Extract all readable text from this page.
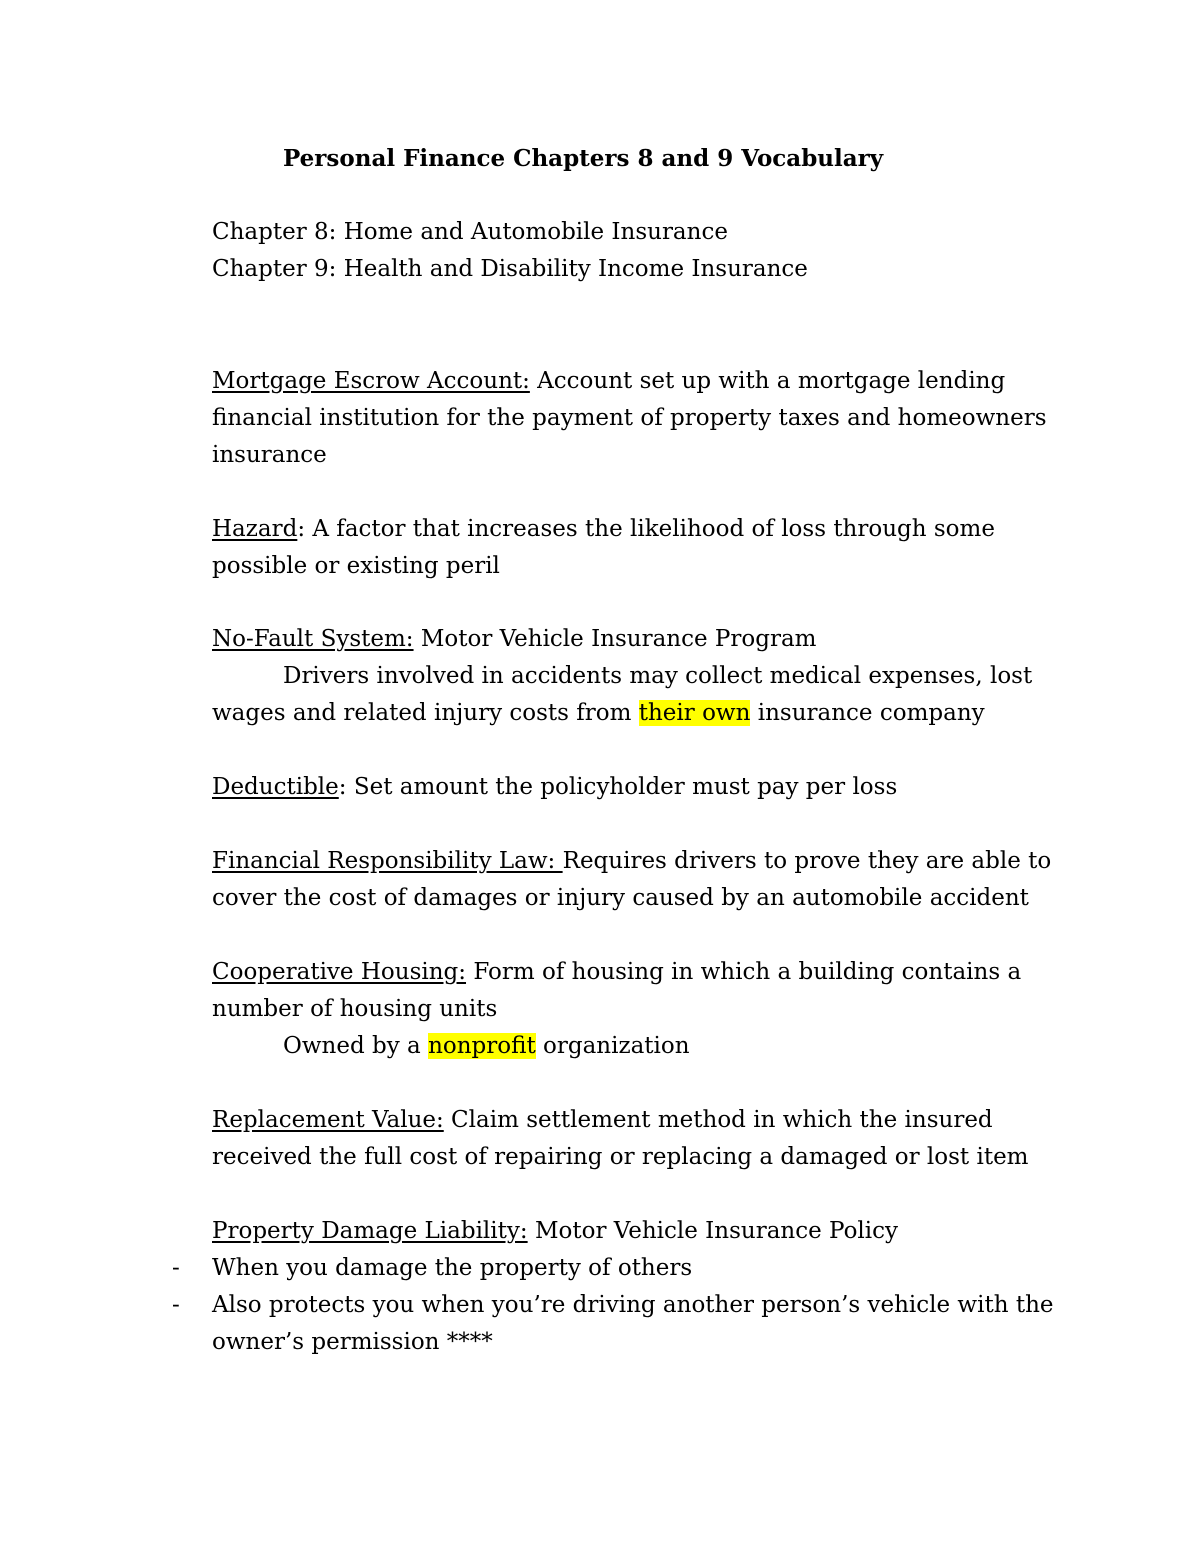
Personal Finance Chapters 8 and 9 Vocabulary
Chapter 8: Home and Automobile Insurance
Chapter 9: Health and Disability Income Insurance
Mortgage Escrow Account: Account set up with a mortgage lending
financial institution for the payment of property taxes and homeowners
insurance
Hazard: A factor that increases the likelihood of loss through some
possible or existing peril
No-Fault System: Motor Vehicle Insurance Program
Drivers involved in accidents may collect medical expenses, lost
wages and related injury costs from their own insurance company
Deductible: Set amount the policyholder must pay per loss
Financial Responsibility Law: Requires drivers to prove they are able to
cover the cost of damages or injury caused by an automobile accident
Cooperative Housing: Form of housing in which a building contains a
number of housing units
Owned by a nonprofit organization
Replacement Value: Claim settlement method in which the insured
received the full cost of repairing or replacing a damaged or lost item
Property Damage Liability: Motor Vehicle Insurance Policy
- When you damage the property of others
- Also protects you when you’re driving another person’s vehicle with the
owner’s permission ****
